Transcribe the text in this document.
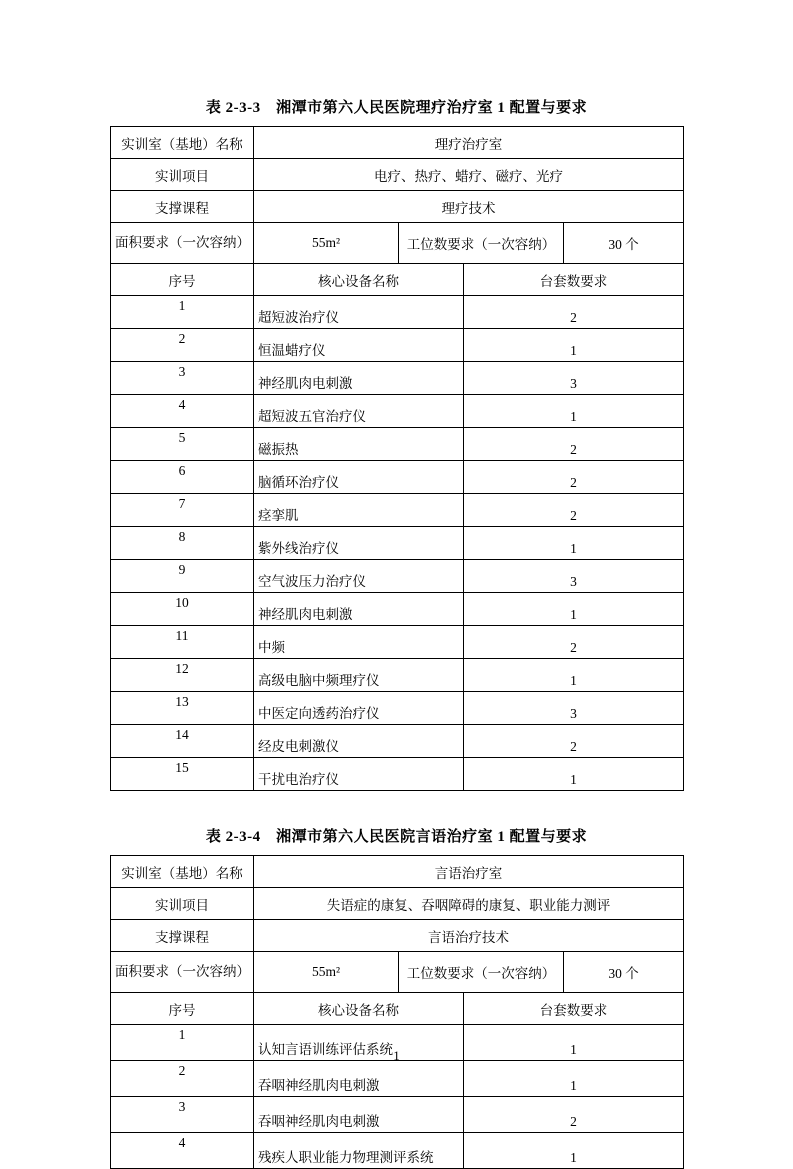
表 2-3-3　湘潭市第六人民医院理疗治疗室 1 配置与要求
实训室（基地）名称	理疗治疗室			
实训项目	电疗、热疗、蜡疗、磁疗、光疗			
支撑课程	理疗技术			
面积要求（一次容纳）	55m²	工位数要求（一次容纳）		30 个
序号	核心设备名称		台套数要求	
1	超短波治疗仪		2	
2	恒温蜡疗仪		1	
3	神经肌肉电刺激		3	
4	超短波五官治疗仪		1	
5	磁振热		2	
6	脑循环治疗仪		2	
7	痉挛肌		2	
8	紫外线治疗仪		1	
9	空气波压力治疗仪		3	
10	神经肌肉电刺激		1	
11	中频		2	
12	高级电脑中频理疗仪		1	
13	中医定向透药治疗仪		3	
14	经皮电刺激仪		2	
15	干扰电治疗仪		1	
表 2-3-4　湘潭市第六人民医院言语治疗室 1 配置与要求
实训室（基地）名称	言语治疗室			
实训项目	失语症的康复、吞咽障碍的康复、职业能力测评			
支撑课程	言语治疗技术			
面积要求（一次容纳）	55m²	工位数要求（一次容纳）		30 个
序号	核心设备名称		台套数要求	
1	认知言语训练评估系统		1	
2	吞咽神经肌肉电刺激		1	
3	吞咽神经肌肉电刺激		2	
4	残疾人职业能力物理测评系统		1	
1
